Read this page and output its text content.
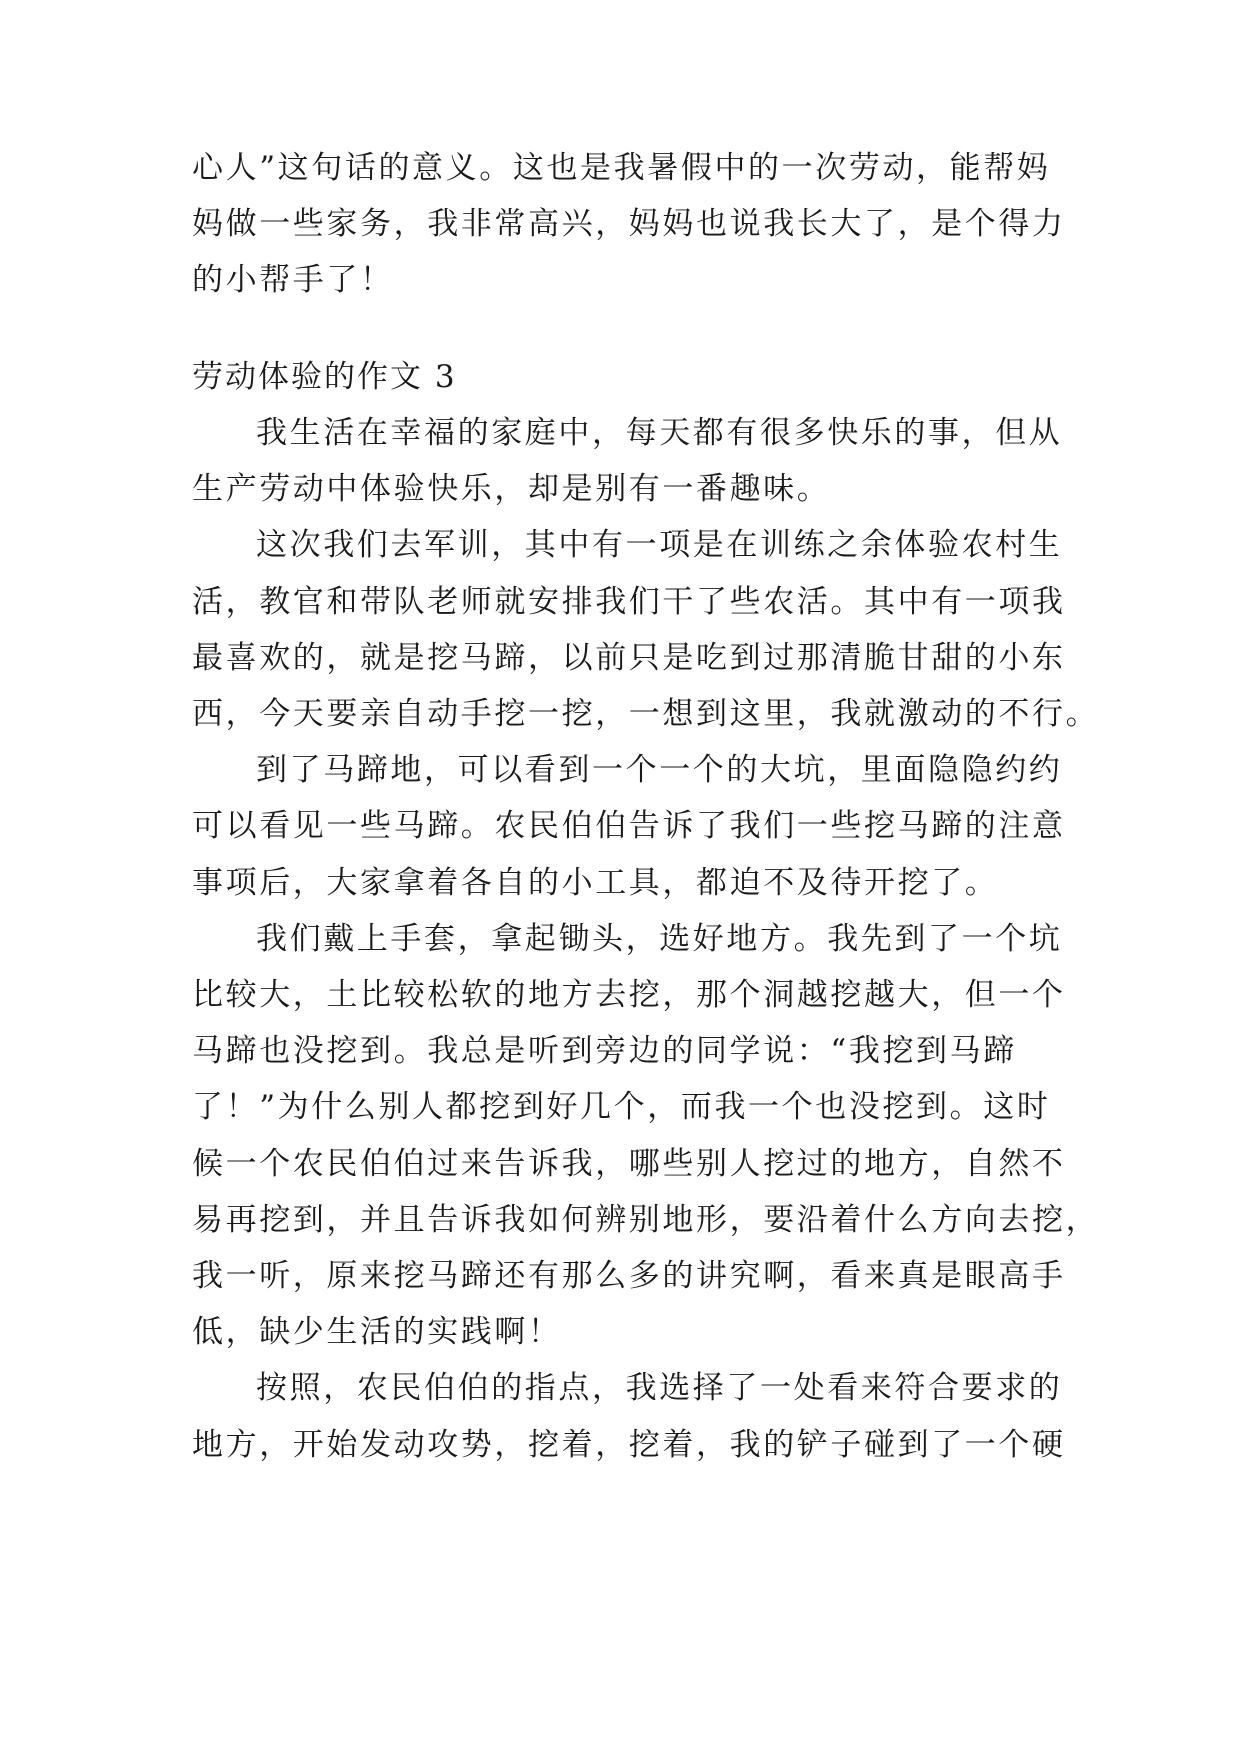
心人”这句话的意义。这也是我暑假中的一次劳动，能帮妈
妈做一些家务，我非常高兴，妈妈也说我长大了，是个得力
的小帮手了！
劳动体验的作文 3
我生活在幸福的家庭中，每天都有很多快乐的事，但从
生产劳动中体验快乐，却是别有一番趣味。
这次我们去军训，其中有一项是在训练之余体验农村生
活，教官和带队老师就安排我们干了些农活。其中有一项我
最喜欢的，就是挖马蹄，以前只是吃到过那清脆甘甜的小东
西，今天要亲自动手挖一挖，一想到这里，我就激动的不行。
到了马蹄地，可以看到一个一个的大坑，里面隐隐约约
可以看见一些马蹄。农民伯伯告诉了我们一些挖马蹄的注意
事项后，大家拿着各自的小工具，都迫不及待开挖了。
我们戴上手套，拿起锄头，选好地方。我先到了一个坑
比较大，土比较松软的地方去挖，那个洞越挖越大，但一个
马蹄也没挖到。我总是听到旁边的同学说：“我挖到马蹄
了！”为什么别人都挖到好几个，而我一个也没挖到。这时
候一个农民伯伯过来告诉我，哪些别人挖过的地方，自然不
易再挖到，并且告诉我如何辨别地形，要沿着什么方向去挖，
我一听，原来挖马蹄还有那么多的讲究啊，看来真是眼高手
低，缺少生活的实践啊！
按照，农民伯伯的指点，我选择了一处看来符合要求的
地方，开始发动攻势，挖着，挖着，我的铲子碰到了一个硬
